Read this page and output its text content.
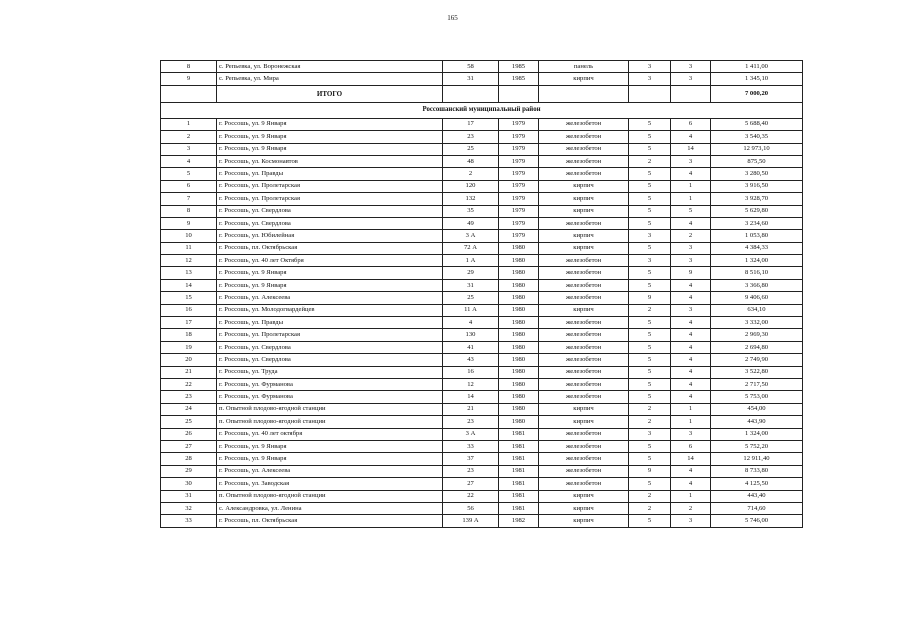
165
8	с. Репьевка, ул. Воронежская	58	1985	панель	3	3	1 411,00
9	с. Репьевка, ул. Мира	31	1985	кирпич	3	3	1 345,10
	ИТОГО						7 000,20
Россошанский муниципальный район							
1	г. Россошь, ул. 9 Января	17	1979	железобетон	5	6	5 688,40
2	г. Россошь, ул. 9 Января	23	1979	железобетон	5	4	3 540,35
3	г. Россошь, ул. 9 Января	25	1979	железобетон	5	14	12 973,10
4	г. Россошь, ул. Космонавтов	48	1979	железобетон	2	3	875,50
5	г. Россошь, ул. Правды	2	1979	железобетон	5	4	3 280,50
6	г. Россошь, ул. Пролетарская	120	1979	кирпич	5	1	3 916,50
7	г. Россошь, ул. Пролетарская	132	1979	кирпич	5	1	3 928,70
8	г. Россошь, ул. Свердлова	35	1979	кирпич	5	5	5 629,80
9	г. Россошь, ул. Свердлова	49	1979	железобетон	5	4	3 234,60
10	г. Россошь, ул. Юбилейная	3 А	1979	кирпич	3	2	1 053,80
11	г. Россошь, пл. Октябрьская	72 А	1980	кирпич	5	3	4 384,33
12	г. Россошь, ул. 40 лет Октября	1 А	1980	железобетон	3	3	1 324,00
13	г. Россошь, ул. 9 Января	29	1980	железобетон	5	9	8 516,10
14	г. Россошь, ул. 9 Января	31	1980	железобетон	5	4	3 366,80
15	г. Россошь, ул. Алексеева	25	1980	железобетон	9	4	9 406,60
16	г. Россошь, ул. Молодогвардейцев	11 А	1980	кирпич	2	3	634,10
17	г. Россошь, ул. Правды	4	1980	железобетон	5	4	3 332,00
18	г. Россошь, ул. Пролетарская	130	1980	железобетон	5	4	2 969,30
19	г. Россошь, ул. Свердлова	41	1980	железобетон	5	4	2 694,80
20	г. Россошь, ул. Свердлова	43	1980	железобетон	5	4	2 749,90
21	г. Россошь, ул. Труда	16	1980	железобетон	5	4	3 522,80
22	г. Россошь, ул. Фурманова	12	1980	железобетон	5	4	2 717,50
23	г. Россошь, ул. Фурманова	14	1980	железобетон	5	4	5 753,00
24	п. Опытной плодово-ягодной станции	21	1980	кирпич	2	1	454,00
25	п. Опытной плодово-ягодной станции	23	1980	кирпич	2	1	443,90
26	г. Россошь, ул. 40 лет октября	3 А	1981	железобетон	3	3	1 324,00
27	г. Россошь, ул. 9 Января	33	1981	железобетон	5	6	5 752,20
28	г. Россошь, ул. 9 Января	37	1981	железобетон	5	14	12 911,40
29	г. Россошь, ул. Алексеева	23	1981	железобетон	9	4	8 733,80
30	г. Россошь, ул. Заводская	27	1981	железобетон	5	4	4 125,50
31	п. Опытной плодово-ягодной станции	22	1981	кирпич	2	1	443,40
32	с. Александровка, ул. Ленина	56	1981	кирпич	2	2	714,60
33	г. Россошь, пл. Октябрьская	139 А	1982	кирпич	5	3	5 746,00
